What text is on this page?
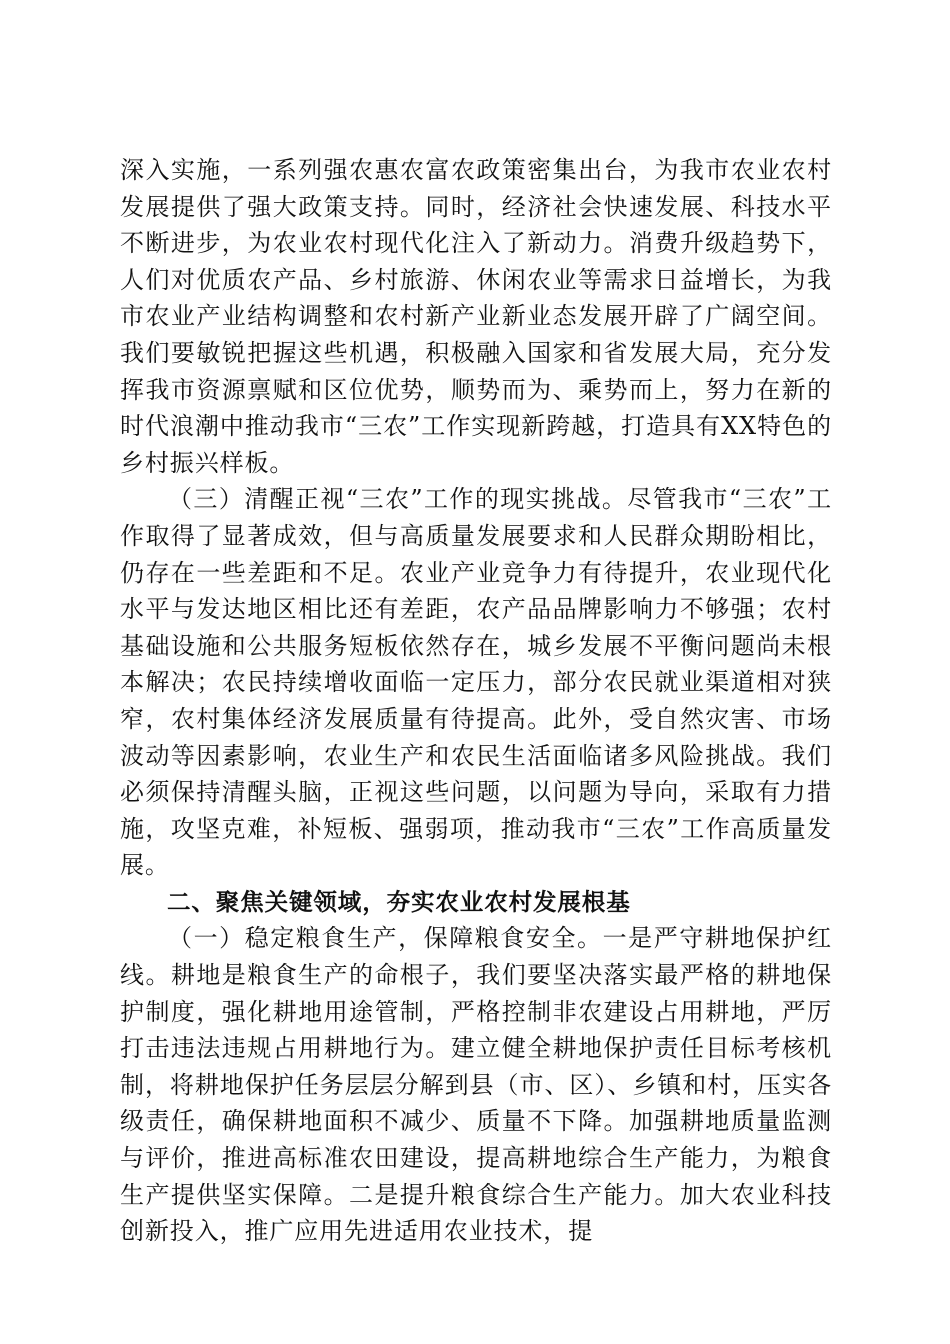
深入实施，一系列强农惠农富农政策密集出台，为我市农业农村发展提供了强大政策支持。同时，经济社会快速发展、科技水平不断进步，为农业农村现代化注入了新动力。消费升级趋势下，人们对优质农产品、乡村旅游、休闲农业等需求日益增长，为我市农业产业结构调整和农村新产业新业态发展开辟了广阔空间。我们要敏锐把握这些机遇，积极融入国家和省发展大局，充分发挥我市资源禀赋和区位优势，顺势而为、乘势而上，努力在新的时代浪潮中推动我市“三农”工作实现新跨越，打造具有XX特色的乡村振兴样板。

（三）清醒正视“三农”工作的现实挑战。尽管我市“三农”工作取得了显著成效，但与高质量发展要求和人民群众期盼相比，仍存在一些差距和不足。农业产业竞争力有待提升，农业现代化水平与发达地区相比还有差距，农产品品牌影响力不够强；农村基础设施和公共服务短板依然存在，城乡发展不平衡问题尚未根本解决；农民持续增收面临一定压力，部分农民就业渠道相对狭窄，农村集体经济发展质量有待提高。此外，受自然灾害、市场波动等因素影响，农业生产和农民生活面临诸多风险挑战。我们必须保持清醒头脑，正视这些问题，以问题为导向，采取有力措施，攻坚克难，补短板、强弱项，推动我市“三农”工作高质量发展。

二、聚焦关键领域，夯实农业农村发展根基

（一）稳定粮食生产，保障粮食安全。一是严守耕地保护红线。耕地是粮食生产的命根子，我们要坚决落实最严格的耕地保护制度，强化耕地用途管制，严格控制非农建设占用耕地，严厉打击违法违规占用耕地行为。建立健全耕地保护责任目标考核机制，将耕地保护任务层层分解到县（市、区）、乡镇和村，压实各级责任，确保耕地面积不减少、质量不下降。加强耕地质量监测与评价，推进高标准农田建设，提高耕地综合生产能力，为粮食生产提供坚实保障。二是提升粮食综合生产能力。加大农业科技创新投入，推广应用先进适用农业技术，提
